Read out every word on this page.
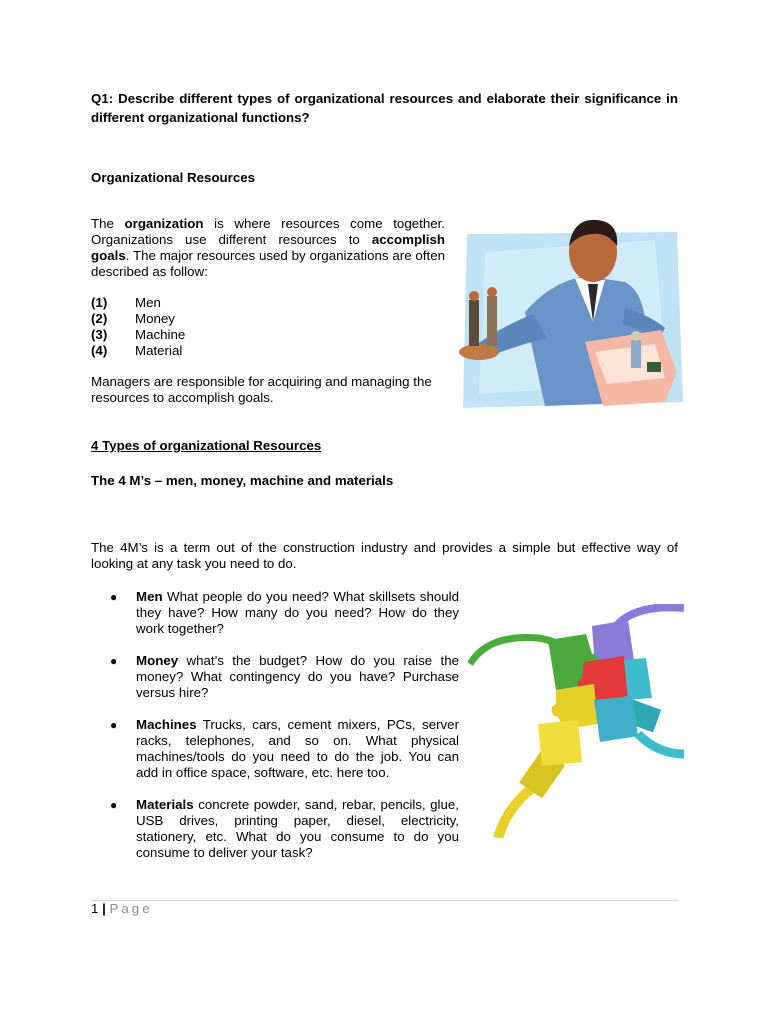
Q1: Describe different types of organizational resources and elaborate their significance in different organizational functions?
Organizational Resources
The organization is where resources come together. Organizations use different resources to accomplish goals. The major resources used by organizations are often described as follow:
(1)	Men
(2)	Money
(3)	Machine
(4)	Material
Managers are responsible for acquiring and managing the resources to accomplish goals.
4 Types of organizational Resources
The 4 M’s – men, money, machine and materials
The 4M’s is a term out of the construction industry and provides a simple but effective way of looking at any task you need to do.
●	Men What people do you need? What skillsets should they have? How many do you need? How do they work together?
●	Money what’s the budget? How do you raise the money? What contingency do you have? Purchase versus hire?
●	Machines Trucks, cars, cement mixers, PCs, server racks, telephones, and so on. What physical machines/tools do you need to do the job. You can add in office space, software, etc. here too.
●	Materials concrete powder, sand, rebar, pencils, glue, USB drives, printing paper, diesel, electricity, stationery, etc. What do you consume to do you consume to deliver your task?
1 | Page
